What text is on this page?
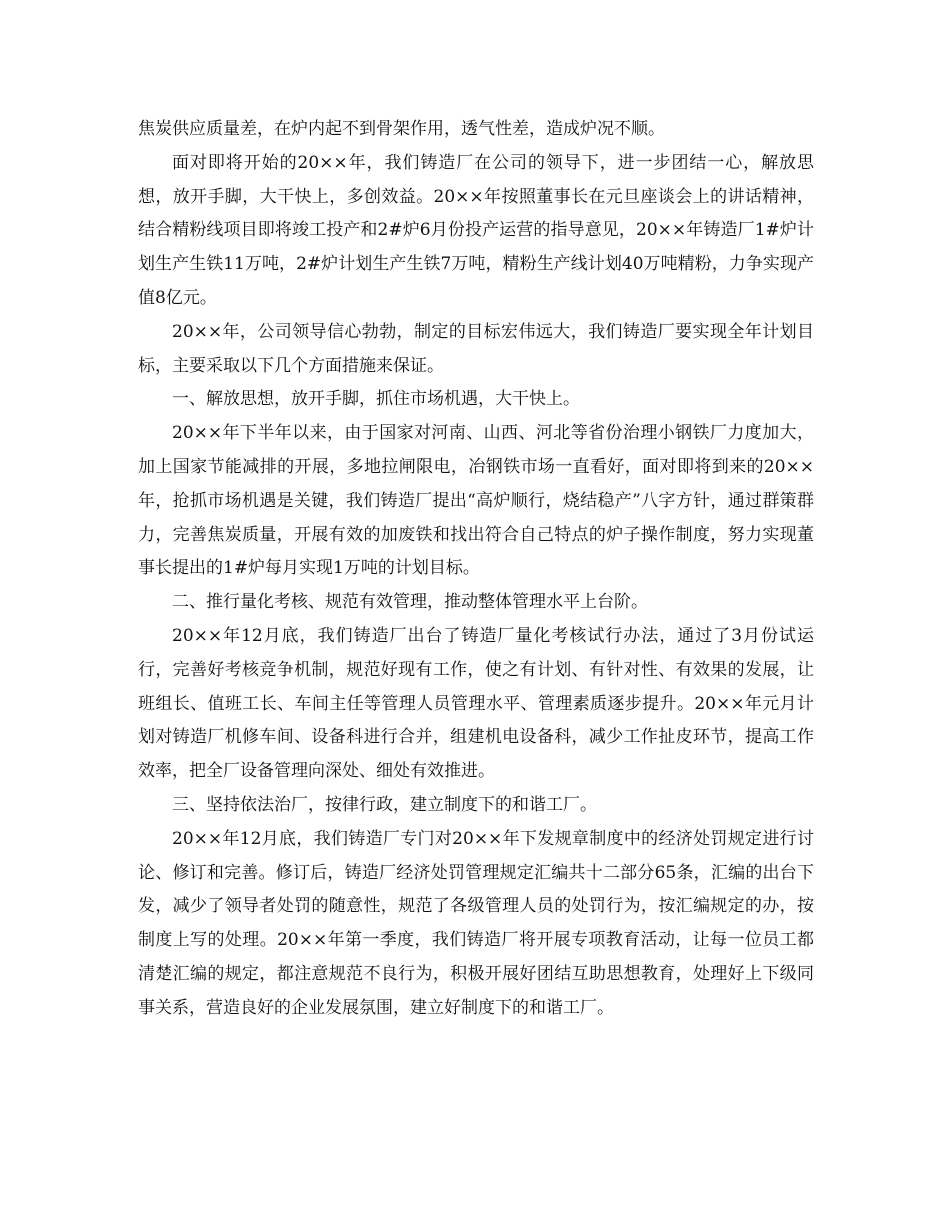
焦炭供应质量差，在炉内起不到骨架作用，透气性差，造成炉况不顺。

面对即将开始的20××年，我们铸造厂在公司的领导下，进一步团结一心，解放思想，放开手脚，大干快上，多创效益。20××年按照董事长在元旦座谈会上的讲话精神，结合精粉线项目即将竣工投产和2#炉6月份投产运营的指导意见，20××年铸造厂1#炉计划生产生铁11万吨，2#炉计划生产生铁7万吨，精粉生产线计划40万吨精粉，力争实现产值8亿元。

20××年，公司领导信心勃勃，制定的目标宏伟远大，我们铸造厂要实现全年计划目标，主要采取以下几个方面措施来保证。

一、解放思想，放开手脚，抓住市场机遇，大干快上。

20××年下半年以来，由于国家对河南、山西、河北等省份治理小钢铁厂力度加大，加上国家节能减排的开展，多地拉闸限电，冶钢铁市场一直看好，面对即将到来的20××年，抢抓市场机遇是关键，我们铸造厂提出“高炉顺行，烧结稳产”八字方针，通过群策群力，完善焦炭质量，开展有效的加废铁和找出符合自己特点的炉子操作制度，努力实现董事长提出的1#炉每月实现1万吨的计划目标。

二、推行量化考核、规范有效管理，推动整体管理水平上台阶。

20××年12月底，我们铸造厂出台了铸造厂量化考核试行办法，通过了3月份试运行，完善好考核竞争机制，规范好现有工作，使之有计划、有针对性、有效果的发展，让班组长、值班工长、车间主任等管理人员管理水平、管理素质逐步提升。20××年元月计划对铸造厂机修车间、设备科进行合并，组建机电设备科，减少工作扯皮环节，提高工作效率，把全厂设备管理向深处、细处有效推进。

三、坚持依法治厂，按律行政，建立制度下的和谐工厂。

20××年12月底，我们铸造厂专门对20××年下发规章制度中的经济处罚规定进行讨论、修订和完善。修订后，铸造厂经济处罚管理规定汇编共十二部分65条，汇编的出台下发，减少了领导者处罚的随意性，规范了各级管理人员的处罚行为，按汇编规定的办，按制度上写的处理。20××年第一季度，我们铸造厂将开展专项教育活动，让每一位员工都清楚汇编的规定，都注意规范不良行为，积极开展好团结互助思想教育，处理好上下级同事关系，营造良好的企业发展氛围，建立好制度下的和谐工厂。
